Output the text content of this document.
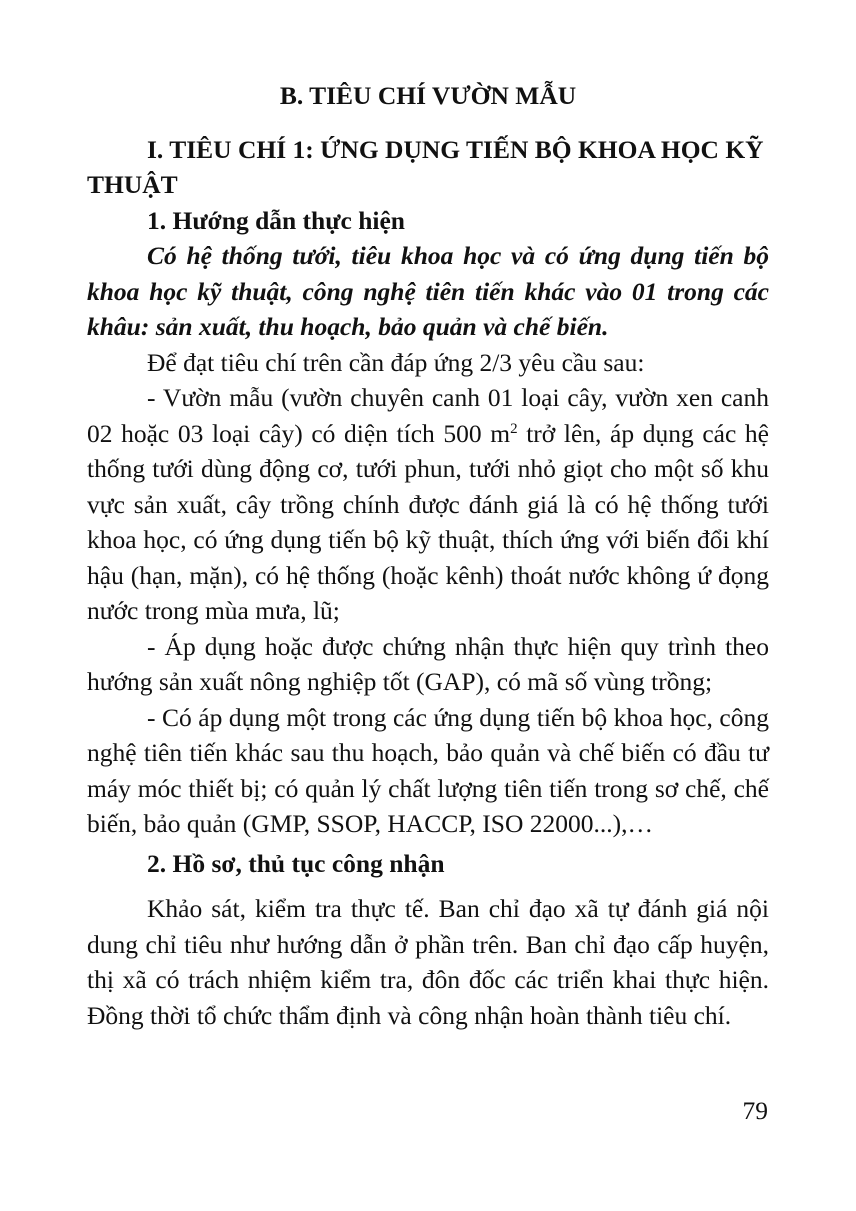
B. TIÊU CHÍ VƯỜN MẪU

I. TIÊU CHÍ 1: ỨNG DỤNG TIẾN BỘ KHOA HỌC KỸ THUẬT

1. Hướng dẫn thực hiện

Có hệ thống tưới, tiêu khoa học và có ứng dụng tiến bộ khoa học kỹ thuật, công nghệ tiên tiến khác vào 01 trong các khâu: sản xuất, thu hoạch, bảo quản và chế biến.

Để đạt tiêu chí trên cần đáp ứng 2/3 yêu cầu sau:

- Vườn mẫu (vườn chuyên canh 01 loại cây, vườn xen canh 02 hoặc 03 loại cây) có diện tích 500 $m^2$ trở lên, áp dụng các hệ thống tưới dùng động cơ, tưới phun, tưới nhỏ giọt cho một số khu vực sản xuất, cây trồng chính được đánh giá là có hệ thống tưới khoa học, có ứng dụng tiến bộ kỹ thuật, thích ứng với biến đổi khí hậu (hạn, mặn), có hệ thống (hoặc kênh) thoát nước không ứ đọng nước trong mùa mưa, lũ;

- Áp dụng hoặc được chứng nhận thực hiện quy trình theo hướng sản xuất nông nghiệp tốt (GAP), có mã số vùng trồng;

- Có áp dụng một trong các ứng dụng tiến bộ khoa học, công nghệ tiên tiến khác sau thu hoạch, bảo quản và chế biến có đầu tư máy móc thiết bị; có quản lý chất lượng tiên tiến trong sơ chế, chế biến, bảo quản (GMP, SSOP, HACCP, ISO 22000...),…

2. Hồ sơ, thủ tục công nhận

Khảo sát, kiểm tra thực tế. Ban chỉ đạo xã tự đánh giá nội dung chỉ tiêu như hướng dẫn ở phần trên. Ban chỉ đạo cấp huyện, thị xã có trách nhiệm kiểm tra, đôn đốc các triển khai thực hiện. Đồng thời tổ chức thẩm định và công nhận hoàn thành tiêu chí.

79
